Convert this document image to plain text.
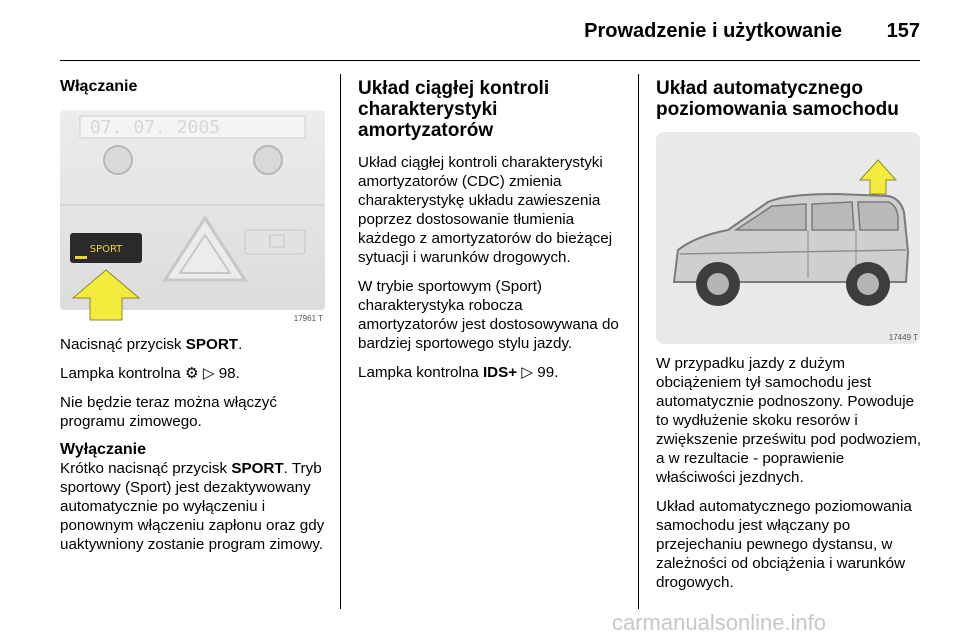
Prowadzenie i użytkowanie 157
Włączanie
07. 07. 2005
SPORT
17961 T

Nacisnąć przycisk SPORT.

Lampka kontrolna ⚙ ▷ 98.

Nie będzie teraz można włączyć programu zimowego.

Wyłączanie

Krótko nacisnąć przycisk SPORT. Tryb sportowy (Sport) jest dezaktywowany automatycznie po wyłączeniu i ponownym włączeniu zapłonu oraz gdy uaktywniony zostanie program zimowy.

Układ ciągłej kontroli charakterystyki amortyzatorów

Układ ciągłej kontroli charakterystyki amortyzatorów (CDC) zmienia charakterystykę układu zawieszenia poprzez dostosowanie tłumienia każdego z amortyzatorów do bieżącej sytuacji i warunków drogowych.

W trybie sportowym (Sport) charakterystyka robocza amortyzatorów jest dostosowywana do bardziej sportowego stylu jazdy.

Lampka kontrolna IDS+ ▷ 99.

Układ automatycznego poziomowania samochodu
17449 T

W przypadku jazdy z dużym obciążeniem tył samochodu jest automatycznie podnoszony. Powoduje to wydłużenie skoku resorów i zwiększenie prześwitu pod podwoziem, a w rezultacie - poprawienie właściwości jezdnych.

Układ automatycznego poziomowania samochodu jest włączany po przejechaniu pewnego dystansu, w zależności od obciążenia i warunków drogowych.

carmanualsonline.info
